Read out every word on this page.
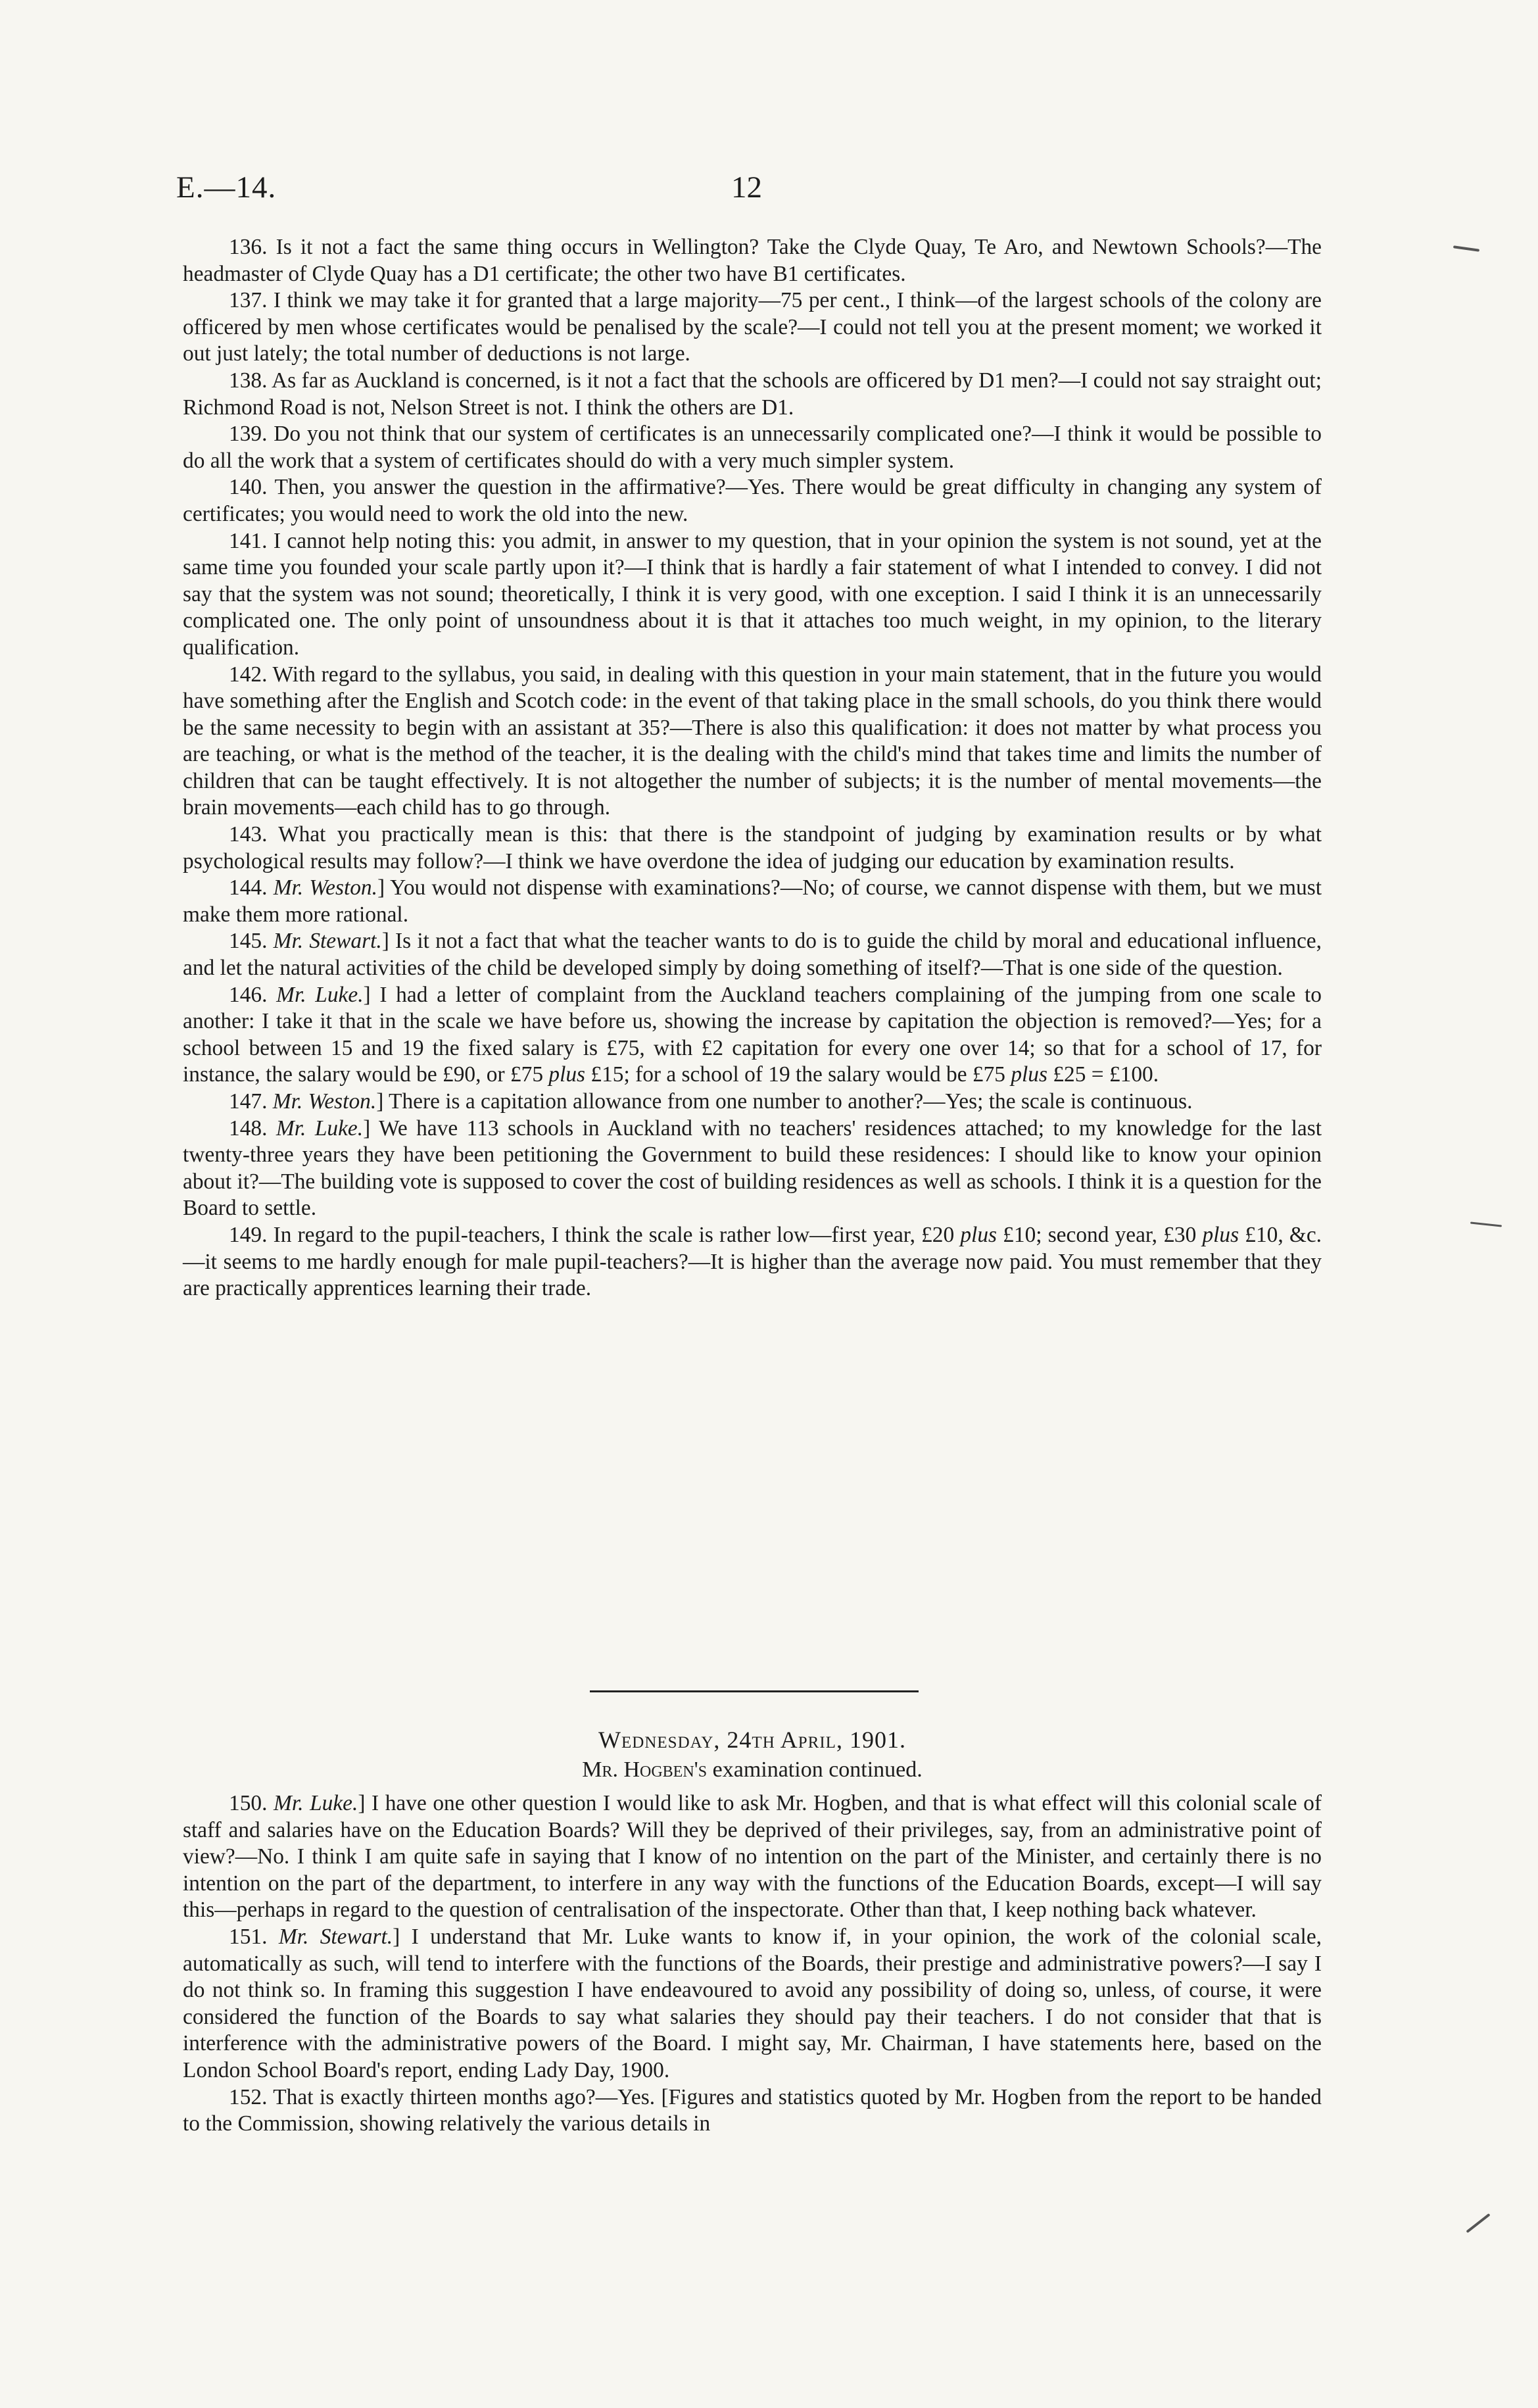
E.—14.	12

136. Is it not a fact the same thing occurs in Wellington? Take the Clyde Quay, Te Aro, and Newtown Schools?—The headmaster of Clyde Quay has a D1 certificate; the other two have B1 certificates.

137. I think we may take it for granted that a large majority—75 per cent., I think—of the largest schools of the colony are officered by men whose certificates would be penalised by the scale?—I could not tell you at the present moment; we worked it out just lately; the total number of deductions is not large.

138. As far as Auckland is concerned, is it not a fact that the schools are officered by D1 men?—I could not say straight out; Richmond Road is not, Nelson Street is not. I think the others are D1.

139. Do you not think that our system of certificates is an unnecessarily complicated one?—I think it would be possible to do all the work that a system of certificates should do with a very much simpler system.

140. Then, you answer the question in the affirmative?—Yes. There would be great difficulty in changing any system of certificates; you would need to work the old into the new.

141. I cannot help noting this: you admit, in answer to my question, that in your opinion the system is not sound, yet at the same time you founded your scale partly upon it?—I think that is hardly a fair statement of what I intended to convey. I did not say that the system was not sound; theoretically, I think it is very good, with one exception. I said I think it is an unnecessarily complicated one. The only point of unsoundness about it is that it attaches too much weight, in my opinion, to the literary qualification.

142. With regard to the syllabus, you said, in dealing with this question in your main statement, that in the future you would have something after the English and Scotch code: in the event of that taking place in the small schools, do you think there would be the same necessity to begin with an assistant at 35?—There is also this qualification: it does not matter by what process you are teaching, or what is the method of the teacher, it is the dealing with the child's mind that takes time and limits the number of children that can be taught effectively. It is not altogether the number of subjects; it is the number of mental movements—the brain movements—each child has to go through.

143. What you practically mean is this: that there is the standpoint of judging by examination results or by what psychological results may follow?—I think we have overdone the idea of judging our education by examination results.

144. Mr. Weston.] You would not dispense with examinations?—No; of course, we cannot dispense with them, but we must make them more rational.

145. Mr. Stewart.] Is it not a fact that what the teacher wants to do is to guide the child by moral and educational influence, and let the natural activities of the child be developed simply by doing something of itself?—That is one side of the question.

146. Mr. Luke.] I had a letter of complaint from the Auckland teachers complaining of the jumping from one scale to another: I take it that in the scale we have before us, showing the increase by capitation the objection is removed?—Yes; for a school between 15 and 19 the fixed salary is £75, with £2 capitation for every one over 14; so that for a school of 17, for instance, the salary would be £90, or £75 plus £15; for a school of 19 the salary would be £75 plus £25 = £100.

147. Mr. Weston.] There is a capitation allowance from one number to another?—Yes; the scale is continuous.

148. Mr. Luke.] We have 113 schools in Auckland with no teachers' residences attached; to my knowledge for the last twenty-three years they have been petitioning the Government to build these residences: I should like to know your opinion about it?—The building vote is supposed to cover the cost of building residences as well as schools. I think it is a question for the Board to settle.

149. In regard to the pupil-teachers, I think the scale is rather low—first year, £20 plus £10; second year, £30 plus £10, &c.—it seems to me hardly enough for male pupil-teachers?—It is higher than the average now paid. You must remember that they are practically apprentices learning their trade.

Wednesday, 24th April, 1901.
Mr. Hogben's examination continued.

150. Mr. Luke.] I have one other question I would like to ask Mr. Hogben, and that is what effect will this colonial scale of staff and salaries have on the Education Boards? Will they be deprived of their privileges, say, from an administrative point of view?—No. I think I am quite safe in saying that I know of no intention on the part of the Minister, and certainly there is no intention on the part of the department, to interfere in any way with the functions of the Education Boards, except—I will say this—perhaps in regard to the question of centralisation of the inspectorate. Other than that, I keep nothing back whatever.

151. Mr. Stewart.] I understand that Mr. Luke wants to know if, in your opinion, the work of the colonial scale, automatically as such, will tend to interfere with the functions of the Boards, their prestige and administrative powers?—I say I do not think so. In framing this suggestion I have endeavoured to avoid any possibility of doing so, unless, of course, it were considered the function of the Boards to say what salaries they should pay their teachers. I do not consider that that is interference with the administrative powers of the Board. I might say, Mr. Chairman, I have statements here, based on the London School Board's report, ending Lady Day, 1900.

152. That is exactly thirteen months ago?—Yes. [Figures and statistics quoted by Mr. Hogben from the report to be handed to the Commission, showing relatively the various details in
